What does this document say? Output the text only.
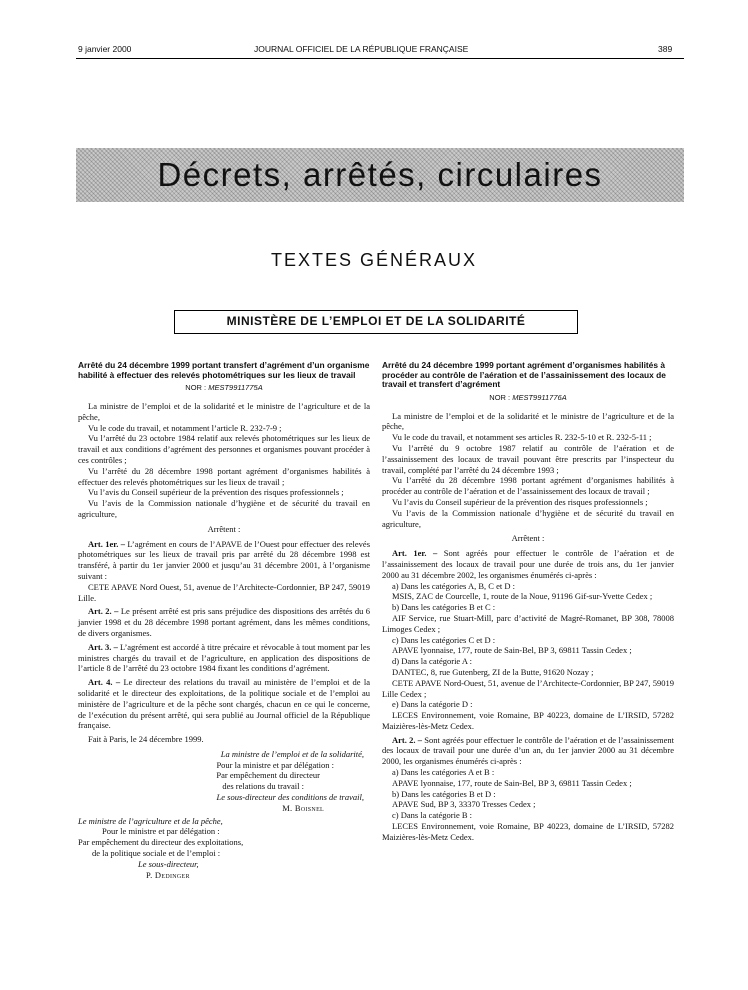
9 janvier 2000	JOURNAL OFFICIEL DE LA RÉPUBLIQUE FRANÇAISE	389
Décrets, arrêtés, circulaires
TEXTES GÉNÉRAUX
MINISTÈRE DE L’EMPLOI ET DE LA SOLIDARITÉ
Arrêté du 24 décembre 1999 portant transfert d’agrément d’un organisme habilité à effectuer des relevés photométriques sur les lieux de travail
NOR : MEST9911775A

La ministre de l’emploi et de la solidarité et le ministre de l’agriculture et de la pêche,

Vu le code du travail, et notamment l’article R. 232-7-9 ;

Vu l’arrêté du 23 octobre 1984 relatif aux relevés photométriques sur les lieux de travail et aux conditions d’agrément des personnes et organismes pouvant procéder à ces contrôles ;

Vu l’arrêté du 28 décembre 1998 portant agrément d’organismes habilités à effectuer des relevés photométriques sur les lieux de travail ;

Vu l’avis du Conseil supérieur de la prévention des risques professionnels ;

Vu l’avis de la Commission nationale d’hygiène et de sécurité du travail en agriculture,

Arrêtent :

Art. 1er. – L’agrément en cours de l’APAVE de l’Ouest pour effectuer des relevés photométriques sur les lieux de travail pris par arrêté du 28 décembre 1998 est transféré, à partir du 1er janvier 2000 et jusqu’au 31 décembre 2001, à l’organisme suivant :

CETE APAVE Nord Ouest, 51, avenue de l’Architecte-Cordonnier, BP 247, 59019 Lille.

Art. 2. – Le présent arrêté est pris sans préjudice des dispositions des arrêtés du 6 janvier 1998 et du 28 décembre 1998 portant agrément, dans les mêmes conditions, de divers organismes.

Art. 3. – L’agrément est accordé à titre précaire et révocable à tout moment par les ministres chargés du travail et de l’agriculture, en application des dispositions de l’article 8 de l’arrêté du 23 octobre 1984 fixant les conditions d’agrément.

Art. 4. – Le directeur des relations du travail au ministère de l’emploi et de la solidarité et le directeur des exploitations, de la politique sociale et de l’emploi au ministère de l’agriculture et de la pêche sont chargés, chacun en ce qui le concerne, de l’exécution du présent arrêté, qui sera publié au Journal officiel de la République française.

Fait à Paris, le 24 décembre 1999.

La ministre de l’emploi et de la solidarité,
Pour la ministre et par délégation :
Par empêchement du directeur
des relations du travail :
Le sous-directeur des conditions de travail,
M. Boisnel
Le ministre de l’agriculture et de la pêche,
Pour le ministre et par délégation :
Par empêchement du directeur des exploitations,
de la politique sociale et de l’emploi :
Le sous-directeur,
P. Dedinger
Arrêté du 24 décembre 1999 portant agrément d’organismes habilités à procéder au contrôle de l’aération et de l’assainissement des locaux de travail et transfert d’agrément
NOR : MEST9911776A

La ministre de l’emploi et de la solidarité et le ministre de l’agriculture et de la pêche,

Vu le code du travail, et notamment ses articles R. 232-5-10 et R. 232-5-11 ;

Vu l’arrêté du 9 octobre 1987 relatif au contrôle de l’aération et de l’assainissement des locaux de travail pouvant être prescrits par l’inspecteur du travail, complété par l’arrêté du 24 décembre 1993 ;

Vu l’arrêté du 28 décembre 1998 portant agrément d’organismes habilités à procéder au contrôle de l’aération et de l’assainissement des locaux de travail ;

Vu l’avis du Conseil supérieur de la prévention des risques professionnels ;

Vu l’avis de la Commission nationale d’hygiène et de sécurité du travail en agriculture,

Arrêtent :

Art. 1er. – Sont agréés pour effectuer le contrôle de l’aération et de l’assainissement des locaux de travail pour une durée de trois ans, du 1er janvier 2000 au 31 décembre 2002, les organismes énumérés ci-après :

a) Dans les catégories A, B, C et D :

MSIS, ZAC de Courcelle, 1, route de la Noue, 91196 Gif-sur-Yvette Cedex ;

b) Dans les catégories B et C :

AIF Service, rue Stuart-Mill, parc d’activité de Magré-Romanet, BP 308, 78008 Limoges Cedex ;

c) Dans les catégories C et D :

APAVE lyonnaise, 177, route de Sain-Bel, BP 3, 69811 Tassin Cedex ;

d) Dans la catégorie A :

DANTEC, 8, rue Gutenberg, ZI de la Butte, 91620 Nozay ;

CETE APAVE Nord-Ouest, 51, avenue de l’Architecte-Cordonnier, BP 247, 59019 Lille Cedex ;

e) Dans la catégorie D :

LECES Environnement, voie Romaine, BP 40223, domaine de L’IRSID, 57282 Maizières-lès-Metz Cedex.

Art. 2. – Sont agréés pour effectuer le contrôle de l’aération et de l’assainissement des locaux de travail pour une durée d’un an, du 1er janvier 2000 au 31 décembre 2000, les organismes énumérés ci-après :

a) Dans les catégories A et B :

APAVE lyonnaise, 177, route de Sain-Bel, BP 3, 69811 Tassin Cedex ;

b) Dans les catégories B et D :

APAVE Sud, BP 3, 33370 Tresses Cedex ;

c) Dans la catégorie B :

LECES Environnement, voie Romaine, BP 40223, domaine de L’IRSID, 57282 Maizières-lès-Metz Cedex.
